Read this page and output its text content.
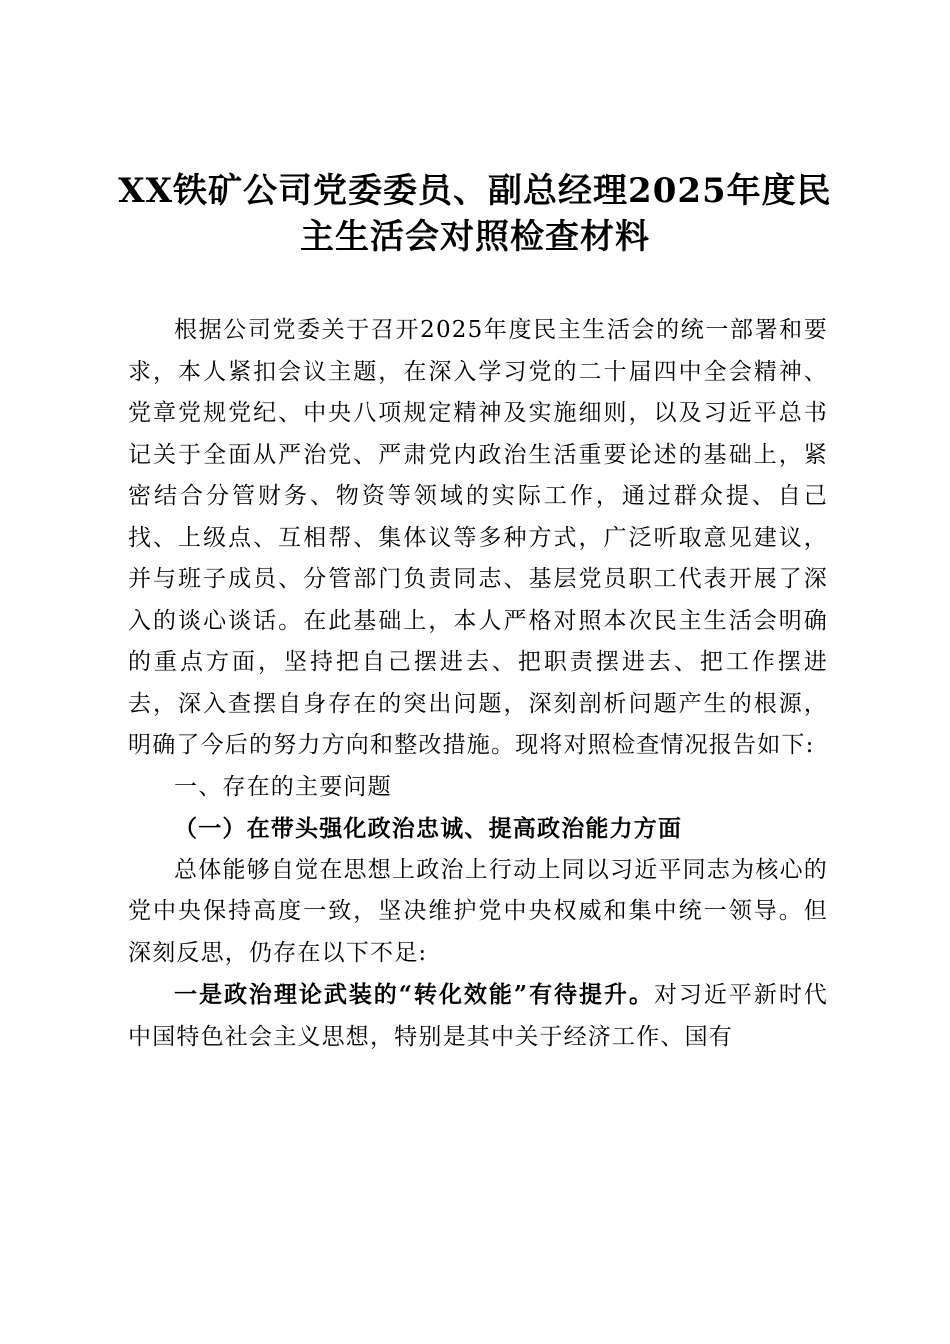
XX铁矿公司党委委员、副总经理2025年度民
主生活会对照检查材料

根据公司党委关于召开2025年度民主生活会的统一部署和要求，本人紧扣会议主题，在深入学习党的二十届四中全会精神、党章党规党纪、中央八项规定精神及实施细则，以及习近平总书记关于全面从严治党、严肃党内政治生活重要论述的基础上，紧密结合分管财务、物资等领域的实际工作，通过群众提、自己找、上级点、互相帮、集体议等多种方式，广泛听取意见建议，并与班子成员、分管部门负责同志、基层党员职工代表开展了深入的谈心谈话。在此基础上，本人严格对照本次民主生活会明确的重点方面，坚持把自己摆进去、把职责摆进去、把工作摆进去，深入查摆自身存在的突出问题，深刻剖析问题产生的根源，明确了今后的努力方向和整改措施。现将对照检查情况报告如下:

一、存在的主要问题

（一）在带头强化政治忠诚、提高政治能力方面

总体能够自觉在思想上政治上行动上同以习近平同志为核心的党中央保持高度一致，坚决维护党中央权威和集中统一领导。但深刻反思，仍存在以下不足:

一是政治理论武装的“转化效能”有待提升。对习近平新时代中国特色社会主义思想，特别是其中关于经济工作、国有
